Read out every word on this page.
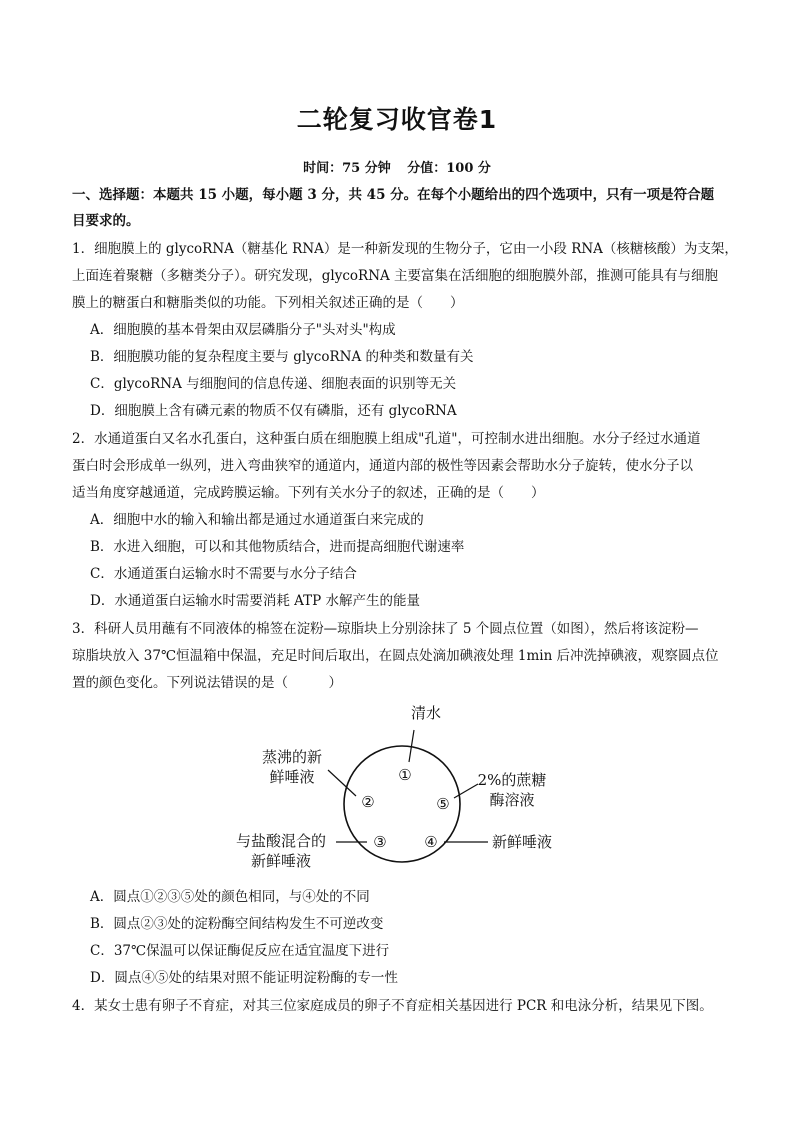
二轮复习收官卷1
时间：75 分钟 分值：100 分
一、选择题：本题共 15 小题，每小题 3 分，共 45 分。在每个小题给出的四个选项中，只有一项是符合题
目要求的。
1．细胞膜上的 glycoRNA（糖基化 RNA）是一种新发现的生物分子，它由一小段 RNA（核糖核酸）为支架，
上面连着聚糖（多糖类分子）。研究发现，glycoRNA 主要富集在活细胞的细胞膜外部，推测可能具有与细胞
膜上的糖蛋白和糖脂类似的功能。下列相关叙述正确的是（　　）
A．细胞膜的基本骨架由双层磷脂分子"头对头"构成
B．细胞膜功能的复杂程度主要与 glycoRNA 的种类和数量有关
C．glycoRNA 与细胞间的信息传递、细胞表面的识别等无关
D．细胞膜上含有磷元素的物质不仅有磷脂，还有 glycoRNA
2．水通道蛋白又名水孔蛋白，这种蛋白质在细胞膜上组成"孔道"，可控制水进出细胞。水分子经过水通道
蛋白时会形成单一纵列，进入弯曲狭窄的通道内，通道内部的极性等因素会帮助水分子旋转，使水分子以
适当角度穿越通道，完成跨膜运输。下列有关水分子的叙述，正确的是（　　）
A．细胞中水的输入和输出都是通过水通道蛋白来完成的
B．水进入细胞，可以和其他物质结合，进而提高细胞代谢速率
C．水通道蛋白运输水时不需要与水分子结合
D．水通道蛋白运输水时需要消耗 ATP 水解产生的能量
3．科研人员用蘸有不同液体的棉签在淀粉—琼脂块上分别涂抹了 5 个圆点位置（如图），然后将该淀粉—
琼脂块放入 37℃恒温箱中保温，充足时间后取出，在圆点处滴加碘液处理 1min 后冲洗掉碘液，观察圆点位
置的颜色变化。下列说法错误的是（　　　）
①
清水
②
蒸沸的新
鲜唾液
③
与盐酸混合的
新鲜唾液
④	新鲜唾液
⑤
2%的蔗糖
酶溶液
A．圆点①②③⑤处的颜色相同，与④处的不同
B．圆点②③处的淀粉酶空间结构发生不可逆改变
C．37℃保温可以保证酶促反应在适宜温度下进行
D．圆点④⑤处的结果对照不能证明淀粉酶的专一性
4．某女士患有卵子不育症，对其三位家庭成员的卵子不育症相关基因进行 PCR 和电泳分析，结果见下图。
